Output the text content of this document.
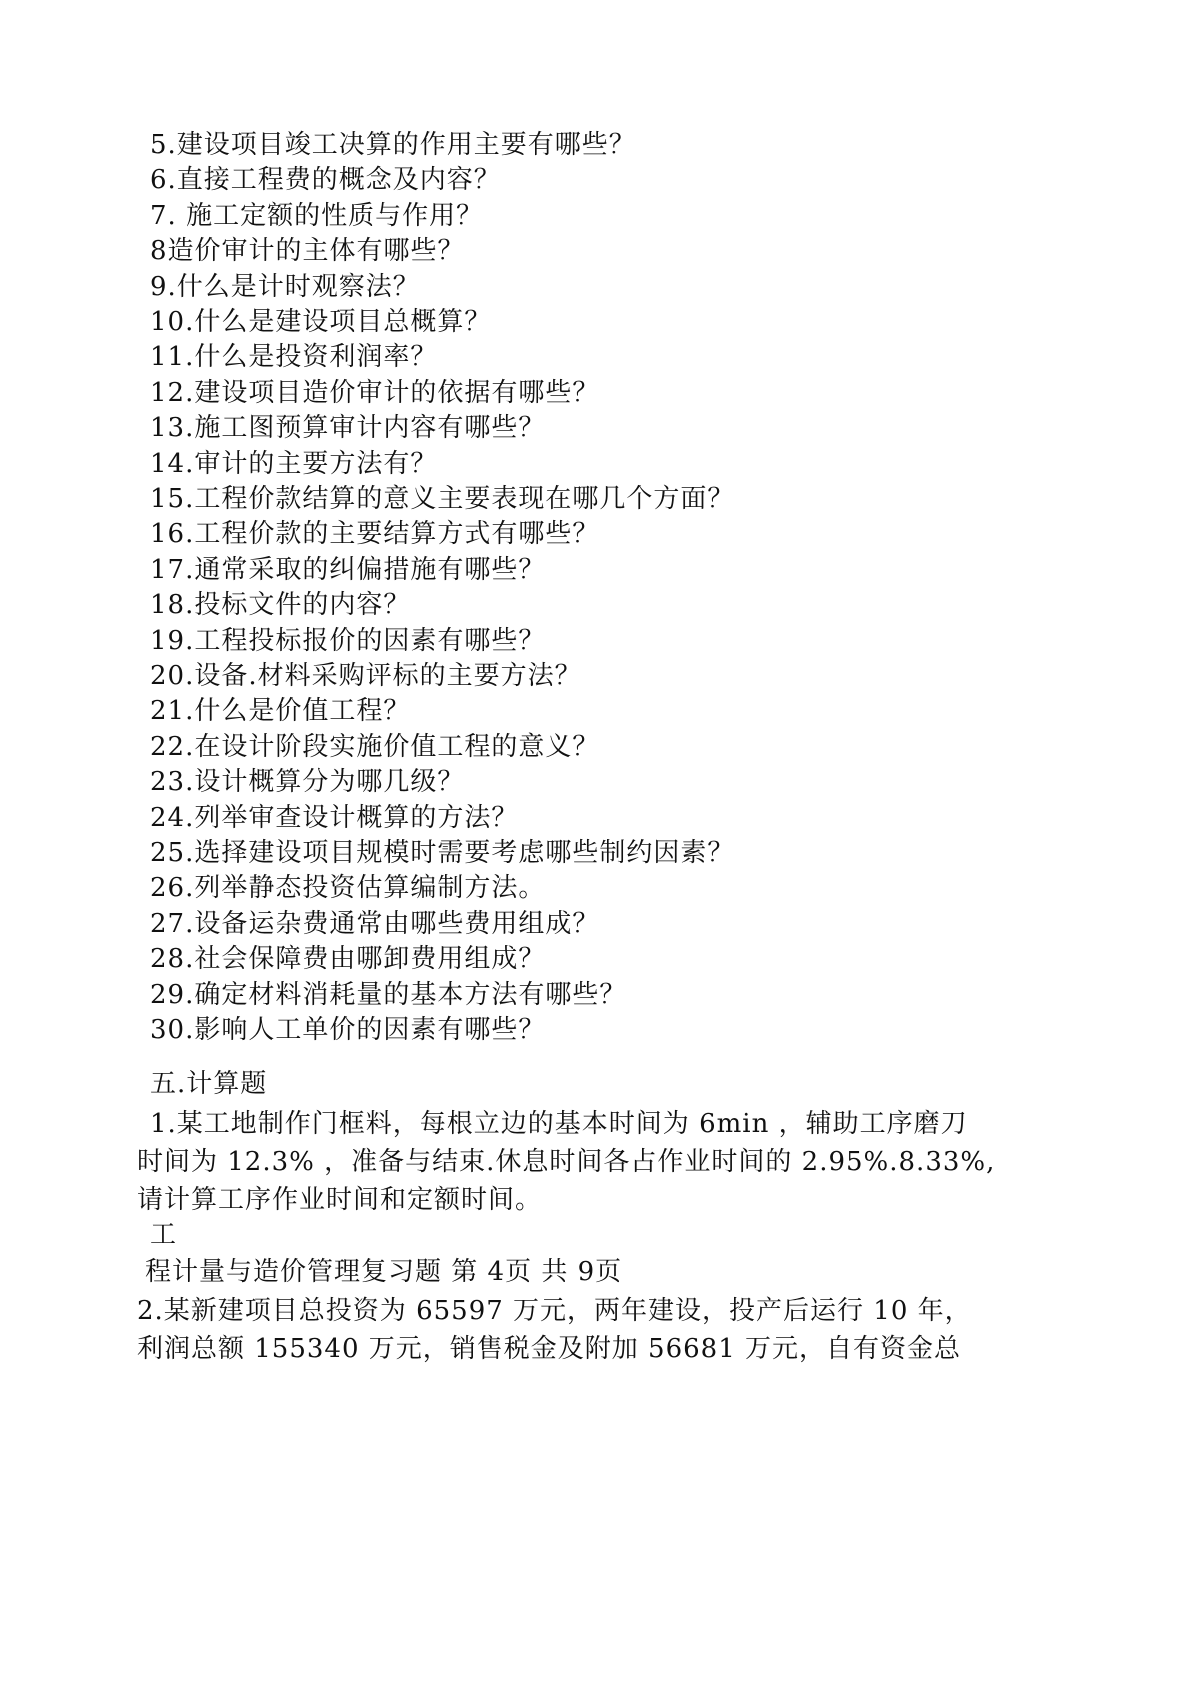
5.建设项目竣工决算的作用主要有哪些？
6.直接工程费的概念及内容？
7. 施工定额的性质与作用？
8造价审计的主体有哪些？
9.什么是计时观察法？
10.什么是建设项目总概算？
11.什么是投资利润率？
12.建设项目造价审计的依据有哪些？
13.施工图预算审计内容有哪些？
14.审计的主要方法有？
15.工程价款结算的意义主要表现在哪几个方面？
16.工程价款的主要结算方式有哪些？
17.通常采取的纠偏措施有哪些？
18.投标文件的内容？
19.工程投标报价的因素有哪些？
20.设备.材料采购评标的主要方法？
21.什么是价值工程？
22.在设计阶段实施价值工程的意义？
23.设计概算分为哪几级？
24.列举审查设计概算的方法？
25.选择建设项目规模时需要考虑哪些制约因素？
26.列举静态投资估算编制方法。
27.设备运杂费通常由哪些费用组成？
28.社会保障费由哪卸费用组成？
29.确定材料消耗量的基本方法有哪些？
30.影响人工单价的因素有哪些？
五.计算题
1.某工地制作门框料，每根立边的基本时间为 6min ，辅助工序磨刀
时间为 12.3% ，准备与结束.休息时间各占作业时间的 2.95%.8.33%,
请计算工序作业时间和定额时间。
工
程计量与造价管理复习题 第 4页 共 9页
2.某新建项目总投资为 65597 万元，两年建设，投产后运行 10 年，
利润总额 155340 万元，销售税金及附加 56681 万元，自有资金总
